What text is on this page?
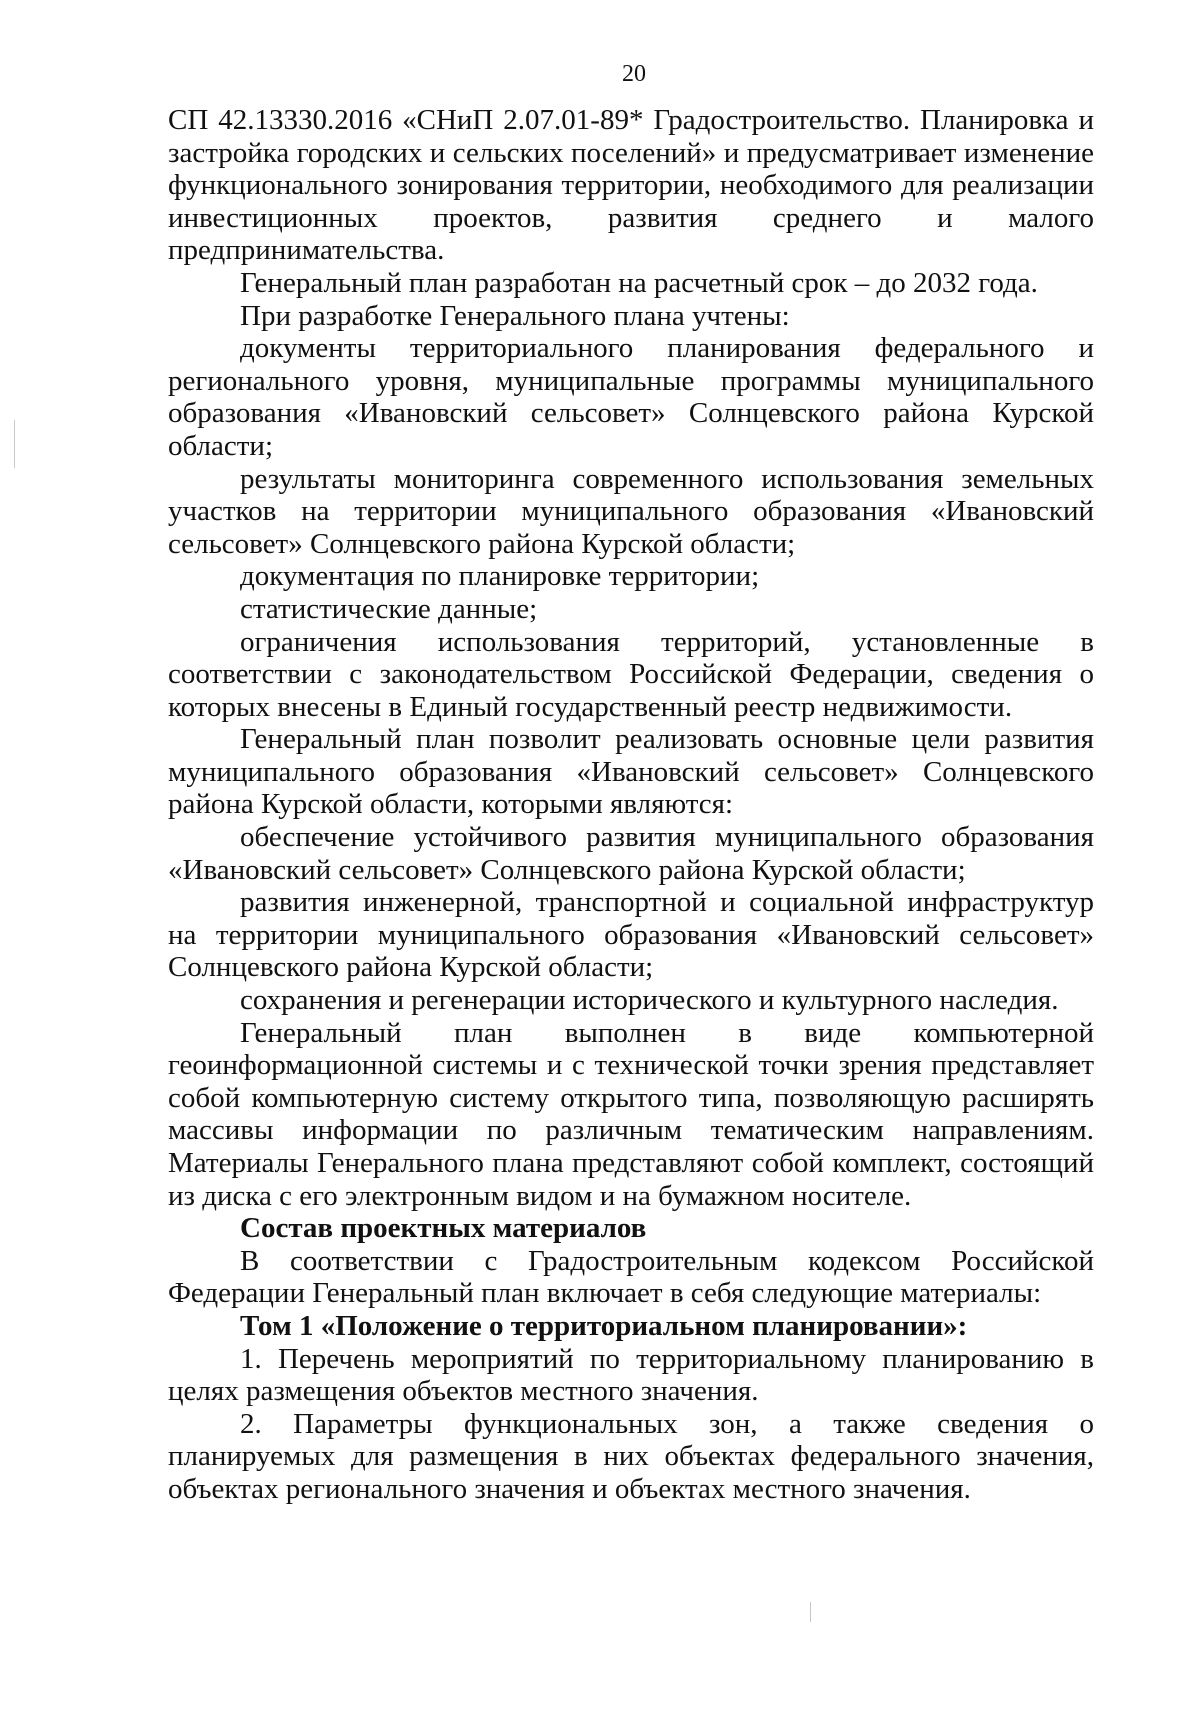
20

СП 42.13330.2016 «СНиП 2.07.01-89* Градостроительство. Планировка и застройка городских и сельских поселений» и предусматривает изменение функционального зонирования территории, необходимого для реализации инвестиционных проектов, развития среднего и малого предпринимательства.

Генеральный план разработан на расчетный срок – до 2032 года.

При разработке Генерального плана учтены:

документы территориального планирования федерального и регионального уровня, муниципальные программы муниципального образования «Ивановский сельсовет» Солнцевского района Курской области;

результаты мониторинга современного использования земельных участков на территории муниципального образования «Ивановский сельсовет» Солнцевского района Курской области;

документация по планировке территории;

статистические данные;

ограничения использования территорий, установленные в соответствии с законодательством Российской Федерации, сведения о которых внесены в Единый государственный реестр недвижимости.

Генеральный план позволит реализовать основные цели развития муниципального образования «Ивановский сельсовет» Солнцевского района Курской области, которыми являются:

обеспечение устойчивого развития муниципального образования «Ивановский сельсовет» Солнцевского района Курской области;

развития инженерной, транспортной и социальной инфраструктур на территории муниципального образования «Ивановский сельсовет» Солнцевского района Курской области;

сохранения и регенерации исторического и культурного наследия.

Генеральный план выполнен в виде компьютерной геоинформационной системы и с технической точки зрения представляет собой компьютерную систему открытого типа, позволяющую расширять массивы информации по различным тематическим направлениям. Материалы Генерального плана представляют собой комплект, состоящий из диска с его электронным видом и на бумажном носителе.

Состав проектных материалов

В соответствии с Градостроительным кодексом Российской Федерации Генеральный план включает в себя следующие материалы:

Том 1 «Положение о территориальном планировании»:

1. Перечень мероприятий по территориальному планированию в целях размещения объектов местного значения.

2. Параметры функциональных зон, а также сведения о планируемых для размещения в них объектах федерального значения, объектах регионального значения и объектах местного значения.
